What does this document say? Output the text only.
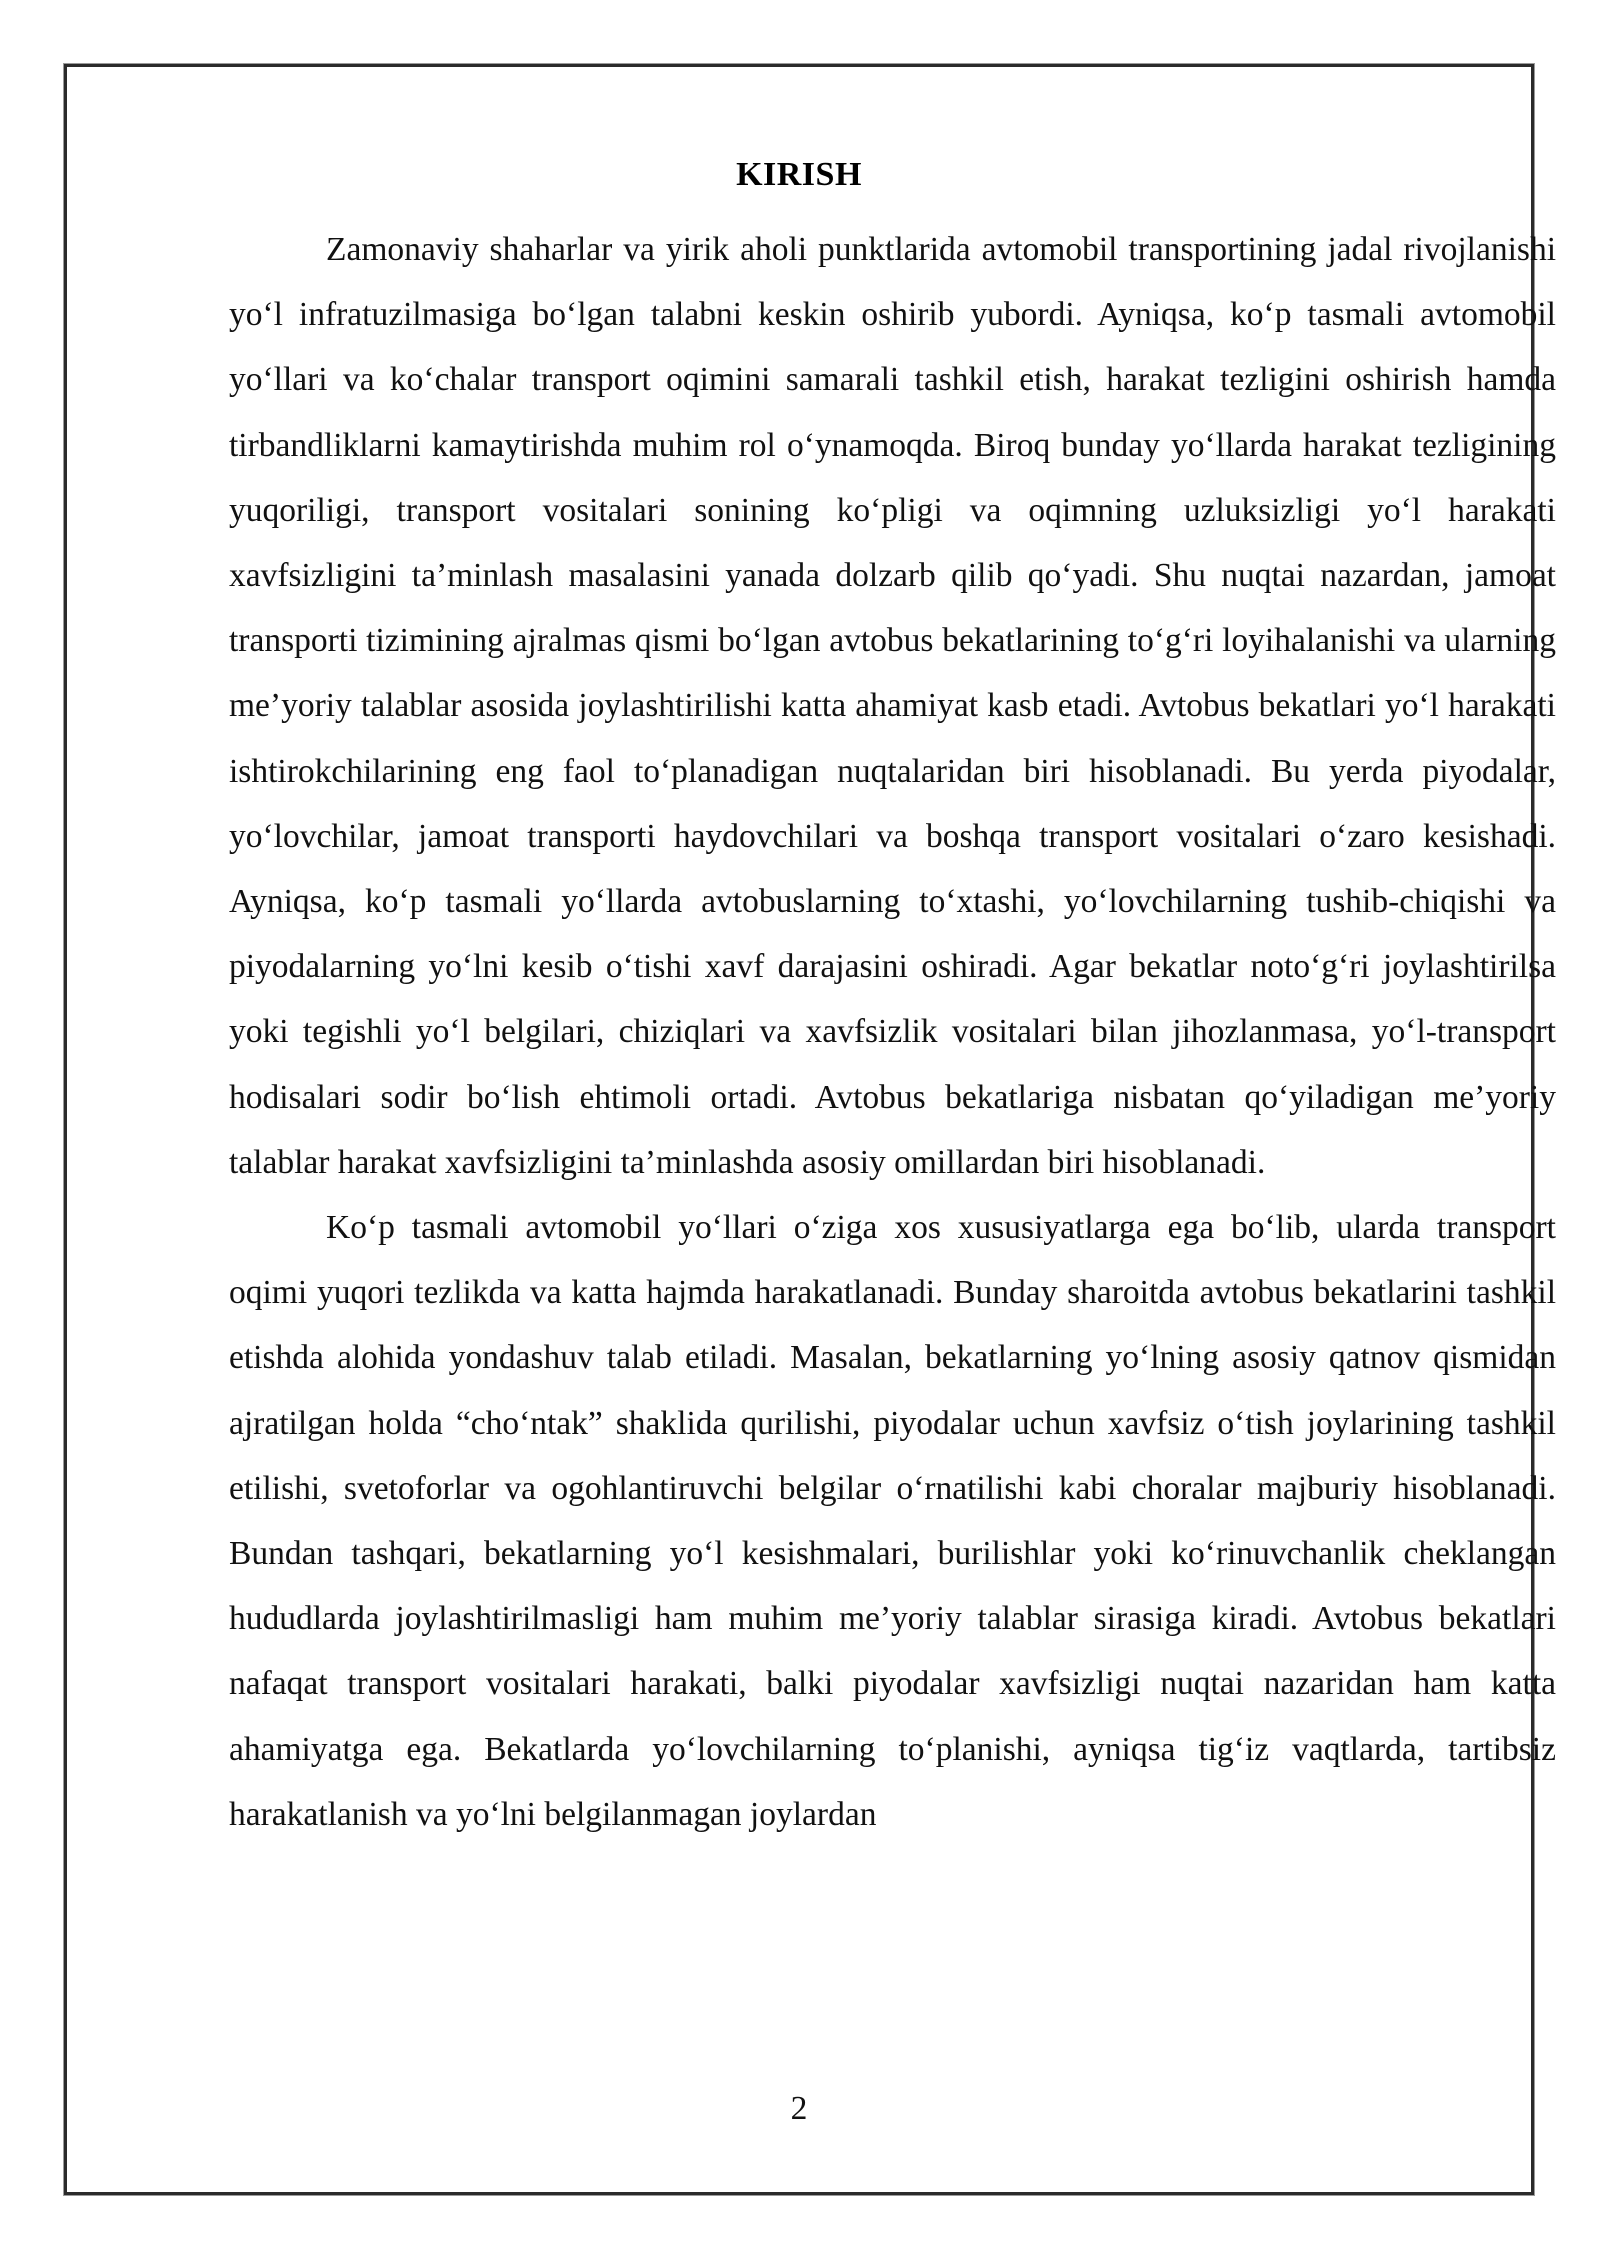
KIRISH

Zamonaviy shaharlar va yirik aholi punktlarida avtomobil transportining jadal rivojlanishi yo‘l infratuzilmasiga bo‘lgan talabni keskin oshirib yubordi. Ayniqsa, ko‘p tasmali avtomobil yo‘llari va ko‘chalar transport oqimini samarali tashkil etish, harakat tezligini oshirish hamda tirbandliklarni kamaytirishda muhim rol o‘ynamoqda. Biroq bunday yo‘llarda harakat tezligining yuqoriligi, transport vositalari sonining ko‘pligi va oqimning uzluksizligi yo‘l harakati xavfsizligini ta’minlash masalasini yanada dolzarb qilib qo‘yadi. Shu nuqtai nazardan, jamoat transporti tizimining ajralmas qismi bo‘lgan avtobus bekatlarining to‘g‘ri loyihalanishi va ularning me’yoriy talablar asosida joylashtirilishi katta ahamiyat kasb etadi. Avtobus bekatlari yo‘l harakati ishtirokchilarining eng faol to‘planadigan nuqtalaridan biri hisoblanadi. Bu yerda piyodalar, yo‘lovchilar, jamoat transporti haydovchilari va boshqa transport vositalari o‘zaro kesishadi. Ayniqsa, ko‘p tasmali yo‘llarda avtobuslarning to‘xtashi, yo‘lovchilarning tushib-chiqishi va piyodalarning yo‘lni kesib o‘tishi xavf darajasini oshiradi. Agar bekatlar noto‘g‘ri joylashtirilsa yoki tegishli yo‘l belgilari, chiziqlari va xavfsizlik vositalari bilan jihozlanmasa, yo‘l-transport hodisalari sodir bo‘lish ehtimoli ortadi. Avtobus bekatlariga nisbatan qo‘yiladigan me’yoriy talablar harakat xavfsizligini ta’minlashda asosiy omillardan biri hisoblanadi.

Ko‘p tasmali avtomobil yo‘llari o‘ziga xos xususiyatlarga ega bo‘lib, ularda transport oqimi yuqori tezlikda va katta hajmda harakatlanadi. Bunday sharoitda avtobus bekatlarini tashkil etishda alohida yondashuv talab etiladi. Masalan, bekatlarning yo‘lning asosiy qatnov qismidan ajratilgan holda “cho‘ntak” shaklida qurilishi, piyodalar uchun xavfsiz o‘tish joylarining tashkil etilishi, svetoforlar va ogohlantiruvchi belgilar o‘rnatilishi kabi choralar majburiy hisoblanadi. Bundan tashqari, bekatlarning yo‘l kesishmalari, burilishlar yoki ko‘rinuvchanlik cheklangan hududlarda joylashtirilmasligi ham muhim me’yoriy talablar sirasiga kiradi. Avtobus bekatlari nafaqat transport vositalari harakati, balki piyodalar xavfsizligi nuqtai nazaridan ham katta ahamiyatga ega. Bekatlarda yo‘lovchilarning to‘planishi, ayniqsa tig‘iz vaqtlarda, tartibsiz harakatlanish va yo‘lni belgilanmagan joylardan

2
